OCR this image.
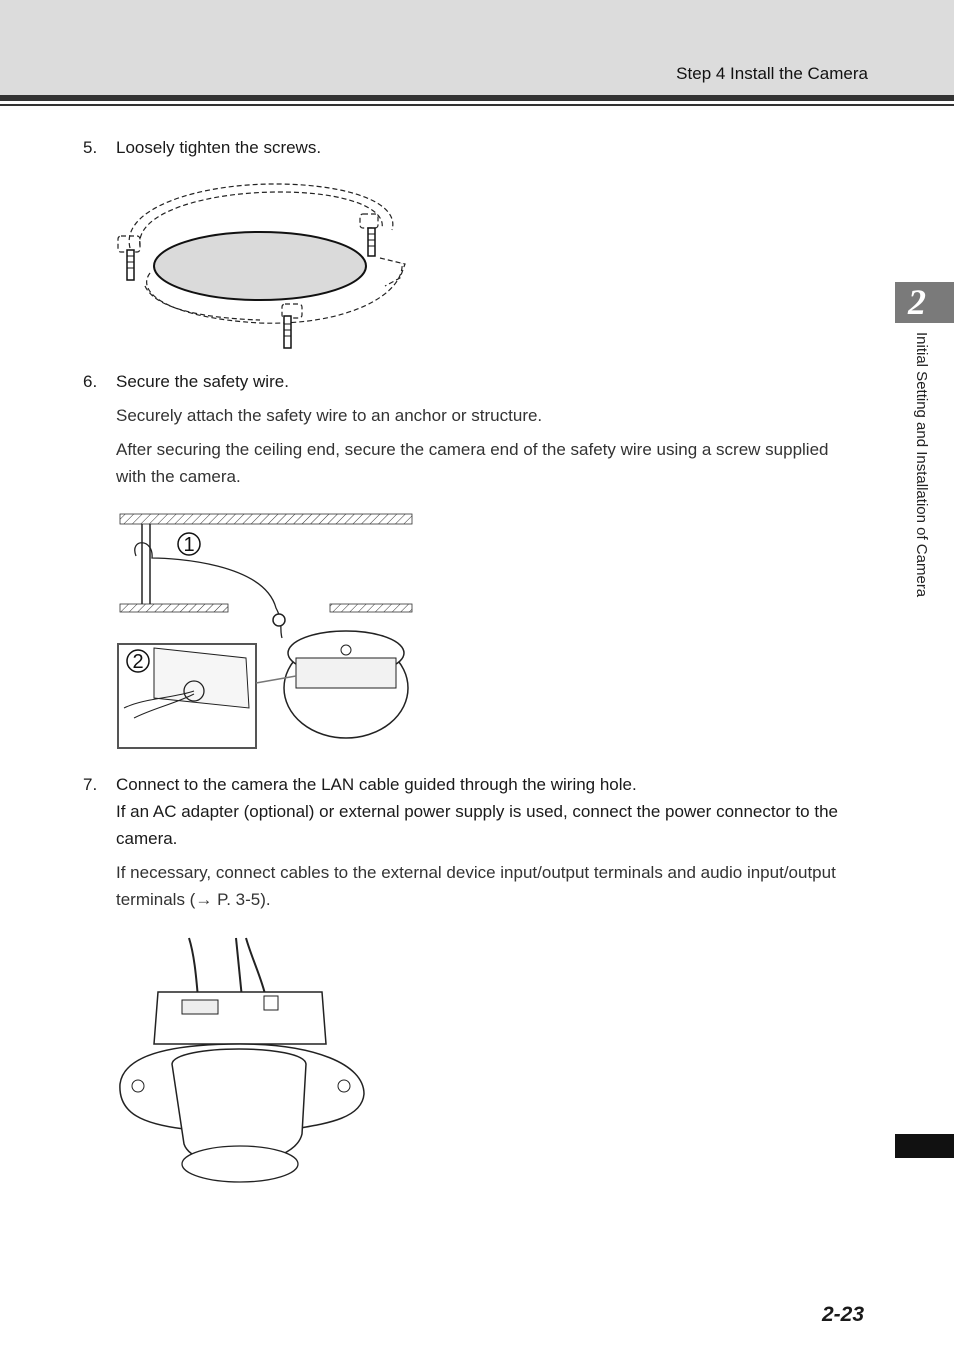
Step 4 Install the Camera
2
Initial Setting and Installation of Camera
5. Loosely tighten the screws.
6. Secure the safety wire.
Securely attach the safety wire to an anchor or structure.
After securing the ceiling end, secure the camera end of the safety wire using a screw supplied with the camera.
1
2
7. Connect to the camera the LAN cable guided through the wiring hole.
If an AC adapter (optional) or external power supply is used, connect the power connector to the camera.
If necessary, connect cables to the external device input/output terminals and audio input/output terminals (→ P. 3-5).
2-23
